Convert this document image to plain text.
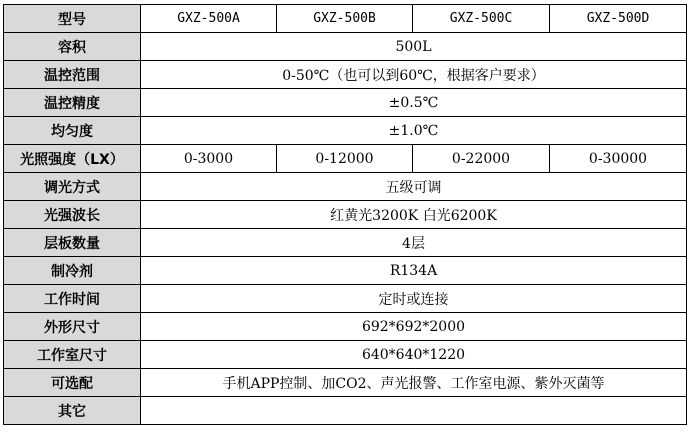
型号	GXZ-500A	GXZ-500B	GXZ-500C	GXZ-500D
容积	500L			
温控范围	0-50℃（也可以到60℃，根据客户要求）			
温控精度	±0.5℃			
均匀度	±1.0℃			
光照强度（LX）	0-3000	0-12000	0-22000	0-30000
调光方式	五级可调			
光强波长	红黄光3200K 白光6200K			
层板数量	4层			
制冷剂	R134A			
工作时间	定时或连接			
外形尺寸	692*692*2000			
工作室尺寸	640*640*1220			
可选配	手机APP控制、加CO2、声光报警、工作室电源、紫外灭菌等			
其它				
